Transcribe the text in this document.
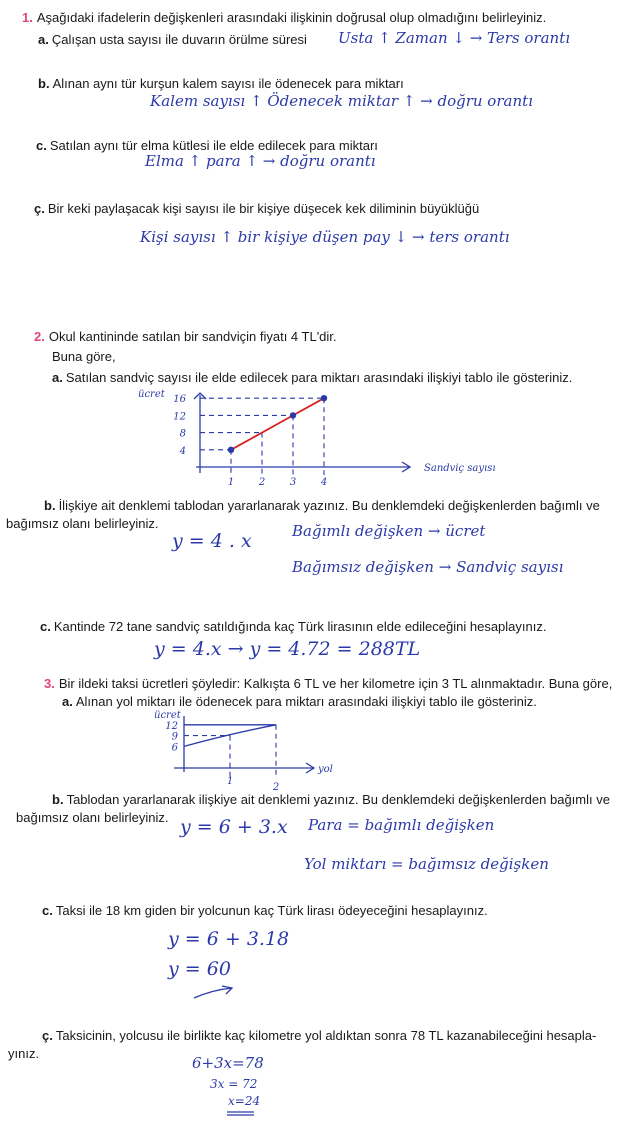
1. Aşağıdaki ifadelerin değişkenleri arasındaki ilişkinin doğrusal olup olmadığını belirleyiniz.
a. Çalışan usta sayısı ile duvarın örülme süresi Usta ↑ Zaman ↓ → Ters orantı
b. Alınan aynı tür kurşun kalem sayısı ile ödenecek para miktarı
Kalem sayısı ↑ Ödenecek miktar ↑ → doğru orantı
c. Satılan aynı tür elma kütlesi ile elde edilecek para miktarı
Elma ↑ para ↑ → doğru orantı
ç. Bir keki paylaşacak kişi sayısı ile bir kişiye düşecek kek diliminin büyüklüğü
Kişi sayısı ↑ bir kişiye düşen pay ↓ → ters orantı
2. Okul kantininde satılan bir sandviçin fiyatı 4 TL'dir.
Buna göre,
a. Satılan sandviç sayısı ile elde edilecek para miktarı arasındaki ilişkiyi tablo ile gösteriniz.
ücret
Sandviç sayısı
4
1
8
2
12
3
16
4
b. İlişkiye ait denklemi tablodan yararlanarak yazınız. Bu denklemdeki değişkenlerden bağımlı ve
bağımsız olanı belirleyiniz.
y = 4 . x	Bağımlı değişken → ücret
Bağımsız değişken → Sandviç sayısı
c. Kantinde 72 tane sandviç satıldığında kaç Türk lirasının elde edileceğini hesaplayınız.
y = 4.x → y = 4.72 = 288TL
3. Bir ildeki taksi ücretleri şöyledir: Kalkışta 6 TL ve her kilometre için 3 TL alınmaktadır. Buna göre,
a. Alınan yol miktarı ile ödenecek para miktarı arasındaki ilişkiyi tablo ile gösteriniz.
ücret
yol
12
9
6
1
2
b. Tablodan yararlanarak ilişkiye ait denklemi yazınız. Bu denklemdeki değişkenlerden bağımlı ve
bağımsız olanı belirleyiniz. y = 6 + 3.x Para = bağımlı değişken
Yol miktarı = bağımsız değişken
c. Taksi ile 18 km giden bir yolcunun kaç Türk lirası ödeyeceğini hesaplayınız.
y = 6 + 3.18
y = 60
ç. Taksicinin, yolcusu ile birlikte kaç kilometre yol aldıktan sonra 78 TL kazanabileceğini hesapla-
yınız.
6+3x=78
3x = 72
x=24
